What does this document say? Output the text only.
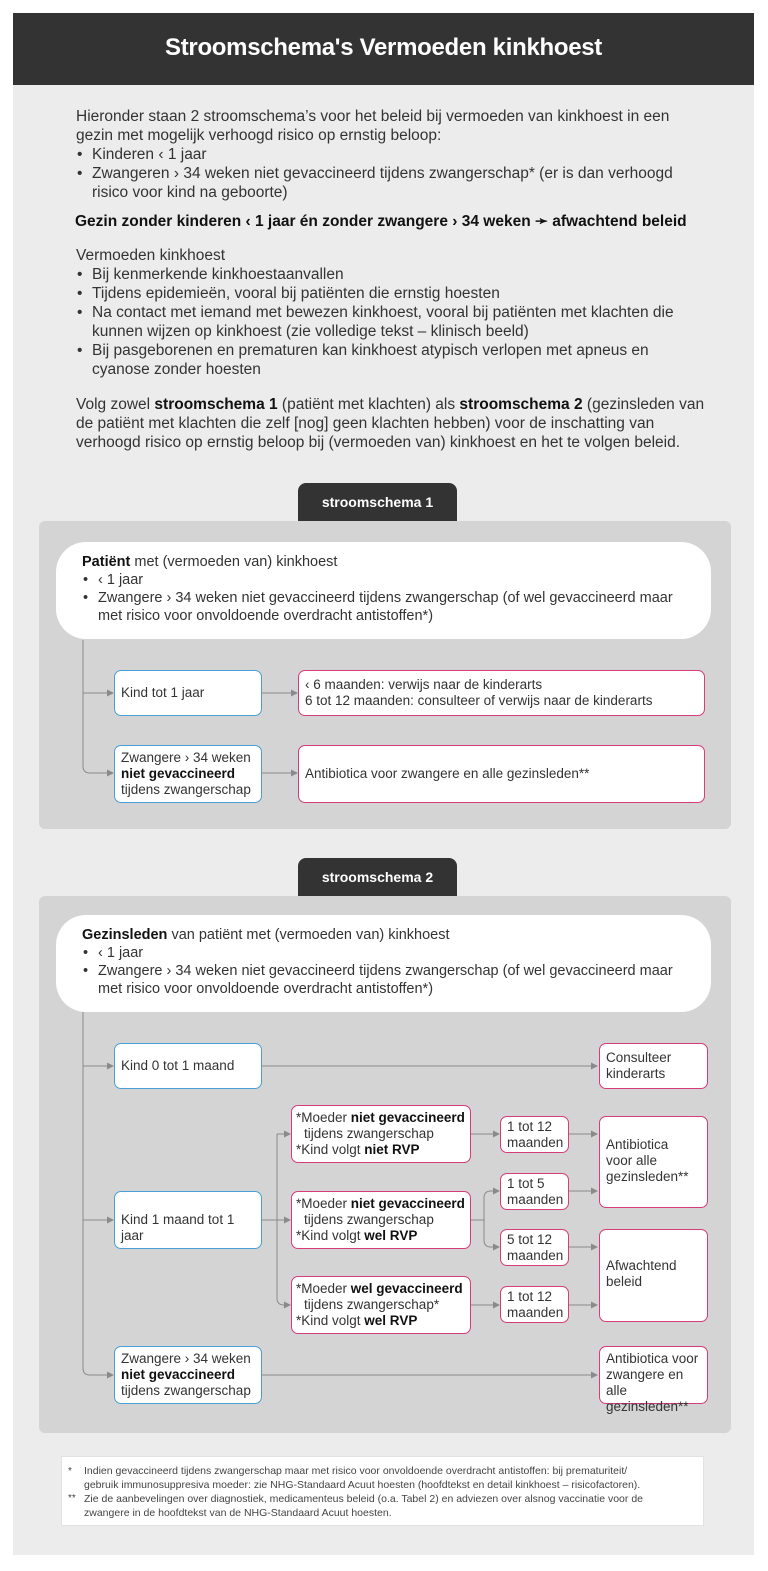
Stroomschema's Vermoeden kinkhoest

Hieronder staan 2 stroomschema’s voor het beleid bij vermoeden van kinkhoest in een gezin met mogelijk verhoogd risico op ernstig beloop:

• Kinderen ‹ 1 jaar
• Zwangeren › 34 weken niet gevaccineerd tijdens zwangerschap* (er is dan verhoogd risico voor kind na geboorte)
Gezin zonder kinderen ‹ 1 jaar én zonder zwangere › 34 weken ➛ afwachtend beleid

Vermoeden kinkhoest

• Bij kenmerkende kinkhoestaanvallen
• Tijdens epidemieën, vooral bij patiënten die ernstig hoesten
• Na contact met iemand met bewezen kinkhoest, vooral bij patiënten met klachten die kunnen wijzen op kinkhoest (zie volledige tekst – klinisch beeld)
• Bij pasgeborenen en prematuren kan kinkhoest atypisch verlopen met apneus en cyanose zonder hoesten
Volg zowel stroomschema 1 (patiënt met klachten) als stroomschema 2 (gezinsleden van de patiënt met klachten die zelf [nog] geen klachten hebben) voor de inschatting van verhoogd risico op ernstig beloop bij (vermoeden van) kinkhoest en het te volgen beleid.
stroomschema 1
Patiënt met (vermoeden van) kinkhoest
• ‹ 1 jaar
• Zwangere › 34 weken niet gevaccineerd tijdens zwangerschap (of wel gevaccineerd maar met risico voor onvoldoende overdracht antistoffen*)
stroomschema 2
Gezinsleden van patiënt met (vermoeden van) kinkhoest
• ‹ 1 jaar
• Zwangere › 34 weken niet gevaccineerd tijdens zwangerschap (of wel gevaccineerd maar met risico voor onvoldoende overdracht antistoffen*)
Kind tot 1 jaar
‹ 6 maanden: verwijs naar de kinderarts
6 tot 12 maanden: consulteer of verwijs naar de kinderarts
Zwangere › 34 weken
niet gevaccineerd
tijdens zwangerschap
Antibiotica voor zwangere en alle gezinsleden**
Kind 0 tot 1 maand
Consulteer
kinderarts
Kind 1 maand tot 1 jaar
*Moeder niet gevaccineerd
tijdens zwangerschap
*Kind volgt niet RVP
*Moeder niet gevaccineerd
tijdens zwangerschap
*Kind volgt wel RVP
*Moeder wel gevaccineerd
tijdens zwangerschap*
*Kind volgt wel RVP
1 tot 12
maanden
1 tot 5
maanden
5 tot 12
maanden
1 tot 12
maanden
Antibiotica
voor alle
gezinsleden**
Afwachtend
beleid
Zwangere › 34 weken
niet gevaccineerd
tijdens zwangerschap
Antibiotica voor
zwangere en alle
gezinsleden**
* Indien gevaccineerd tijdens zwangerschap maar met risico voor onvoldoende overdracht antistoffen: bij prematuriteit/
gebruik immunosuppresiva moeder: zie NHG-Standaard Acuut hoesten (hoofdtekst en detail kinkhoest – risicofactoren).
** Zie de aanbevelingen over diagnostiek, medicamenteus beleid (o.a. Tabel 2) en adviezen over alsnog vaccinatie voor de
zwangere in de hoofdtekst van de NHG-Standaard Acuut hoesten.
